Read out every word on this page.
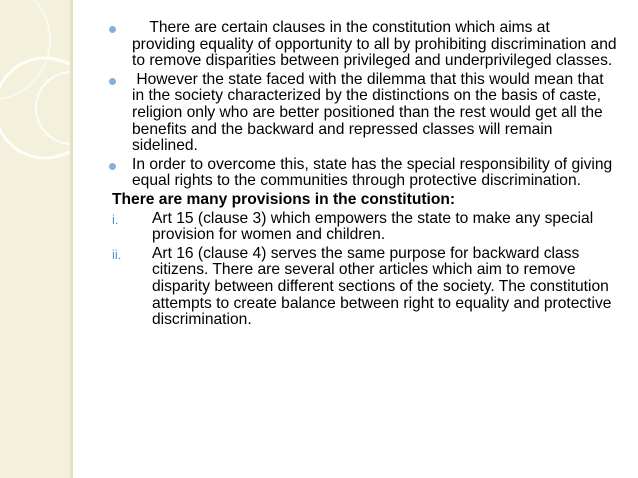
There are certain clauses in the constitution which aims at providing equality of opportunity to all by prohibiting discrimination and to remove disparities between privileged and underprivileged classes.
However the state faced with the dilemma that this would mean that in the society characterized by the distinctions on the basis of caste, religion only who are better positioned than the rest would get all the benefits and the backward and repressed classes will remain sidelined.
In order to overcome this, state has the special responsibility of giving equal rights to the communities through protective discrimination.
There are many provisions in the constitution:
i. Art 15 (clause 3) which empowers the state to make any special provision for women and children.
ii. Art 16 (clause 4) serves the same purpose for backward class citizens. There are several other articles which aim to remove disparity between different sections of the society. The constitution attempts to create balance between right to equality and protective discrimination.
